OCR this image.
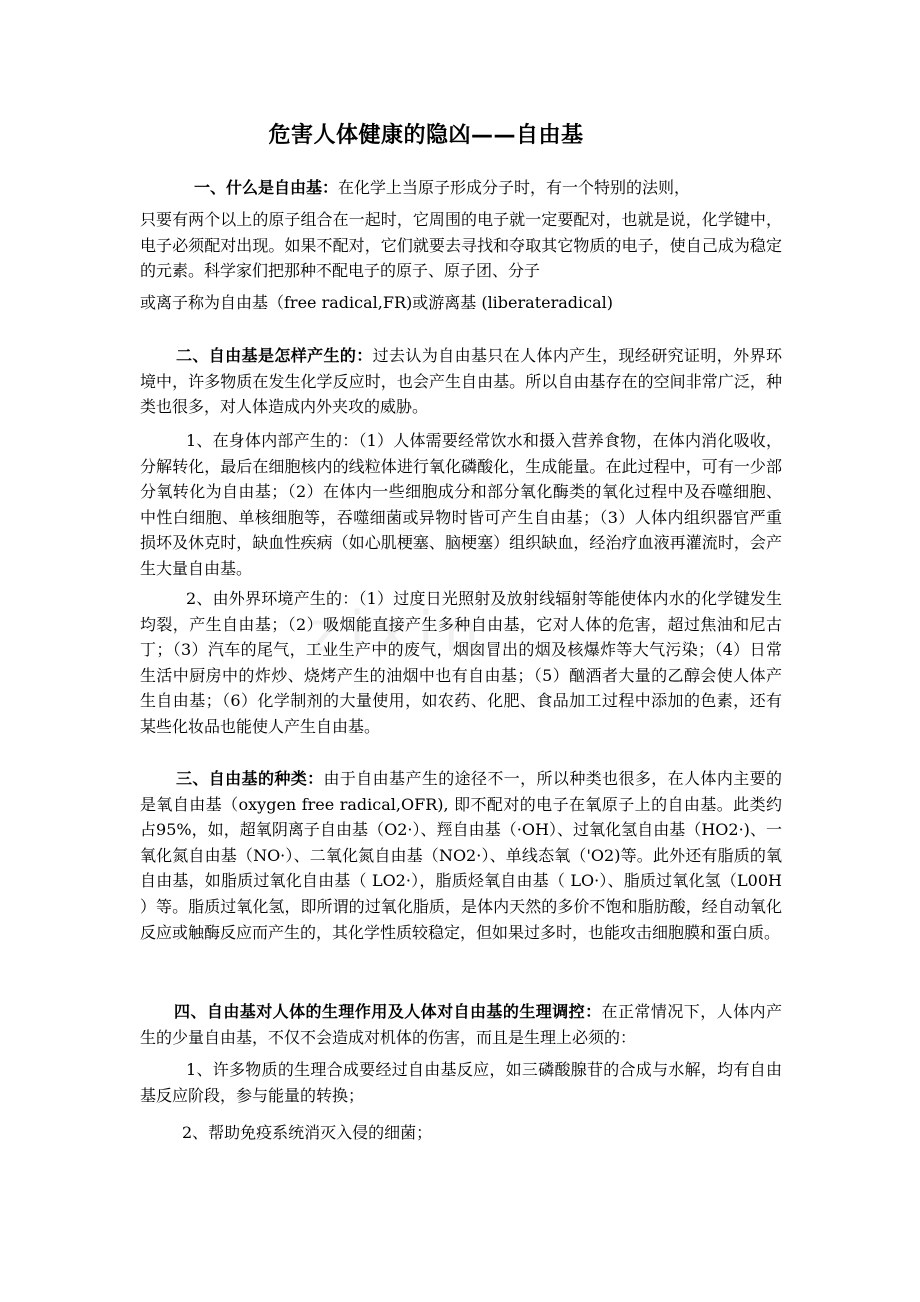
危害人体健康的隐凶——自由基
zixin

一、什么是自由基：在化学上当原子形成分子时，有一个特别的法则，

只要有两个以上的原子组合在一起时，它周围的电子就一定要配对，也就是说，化学键中，电子必须配对出现。如果不配对，它们就要去寻找和夺取其它物质的电子，使自己成为稳定的元素。科学家们把那种不配电子的原子、原子团、分子

或离子称为自由基（free radical,FR)或游离基 (liberateradical)

二、自由基是怎样产生的：过去认为自由基只在人体内产生，现经研究证明，外界环境中，许多物质在发生化学反应时，也会产生自由基。所以自由基存在的空间非常广泛，种类也很多，对人体造成内外夹攻的威胁。

1、在身体内部产生的：（1）人体需要经常饮水和摄入营养食物，在体内消化吸收，分解转化，最后在细胞核内的线粒体进行氧化磷酸化，生成能量。在此过程中，可有一少部分氧转化为自由基；（2）在体内一些细胞成分和部分氧化酶类的氧化过程中及吞噬细胞、中性白细胞、单核细胞等，吞噬细菌或异物时皆可产生自由基；（3）人体内组织器官严重损坏及休克时，缺血性疾病（如心肌梗塞、脑梗塞）组织缺血，经治疗血液再灌流时，会产生大量自由基。

2、由外界环境产生的：（1）过度日光照射及放射线辐射等能使体内水的化学键发生均裂，产生自由基；（2）吸烟能直接产生多种自由基，它对人体的危害，超过焦油和尼古丁；（3）汽车的尾气，工业生产中的废气，烟囱冒出的烟及核爆炸等大气污染；（4）日常生活中厨房中的炸炒、烧烤产生的油烟中也有自由基；（5）酗酒者大量的乙醇会使人体产生自由基；（6）化学制剂的大量使用，如农药、化肥、食品加工过程中添加的色素，还有某些化妆品也能使人产生自由基。

三、自由基的种类：由于自由基产生的途径不一，所以种类也很多，在人体内主要的是氧自由基（oxygen free radical,OFR), 即不配对的电子在氧原子上的自由基。此类约占95%，如，超氧阴离子自由基（O2·）、羥自由基（·OH）、过氧化氢自由基（HO2·)、一氧化氮自由基（NO·）、二氧化氮自由基（NO2·）、单线态氧（'O2)等。此外还有脂质的氧自由基，如脂质过氧化自由基（ LO2·），脂质烃氧自由基（ LO·）、脂质过氧化氢（L00H ）等。脂质过氧化氢，即所谓的过氧化脂质，是体内天然的多价不饱和脂肪酸，经自动氧化反应或触酶反应而产生的，其化学性质较稳定，但如果过多时，也能攻击细胞膜和蛋白质。

四、自由基对人体的生理作用及人体对自由基的生理调控：在正常情况下，人体内产生的少量自由基，不仅不会造成对机体的伤害，而且是生理上必须的：

1、许多物质的生理合成要经过自由基反应，如三磷酸腺苷的合成与水解，均有自由基反应阶段，参与能量的转换；

2、帮助免疫系统消灭入侵的细菌；
